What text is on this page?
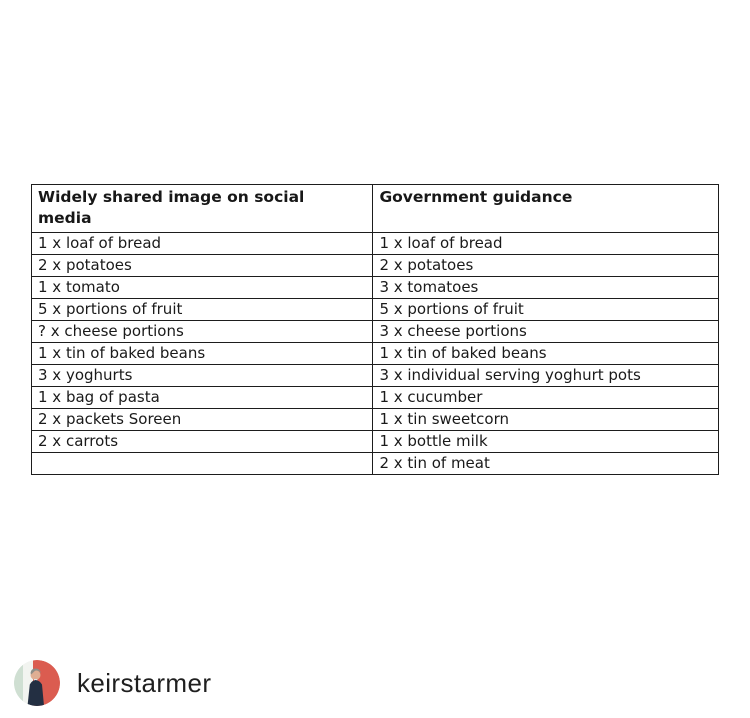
Widely shared image on social media	Government guidance

1 x loaf of bread	1 x loaf of bread
2 x potatoes	2 x potatoes
1 x tomato	3 x tomatoes
5 x portions of fruit	5 x portions of fruit
? x cheese portions	3 x cheese portions
1 x tin of baked beans	1 x tin of baked beans
3 x yoghurts	3 x individual serving yoghurt pots
1 x bag of pasta	1 x cucumber
2 x packets Soreen	1 x tin sweetcorn
2 x carrots	1 x bottle milk
	2 x tin of meat
keirstarmer
